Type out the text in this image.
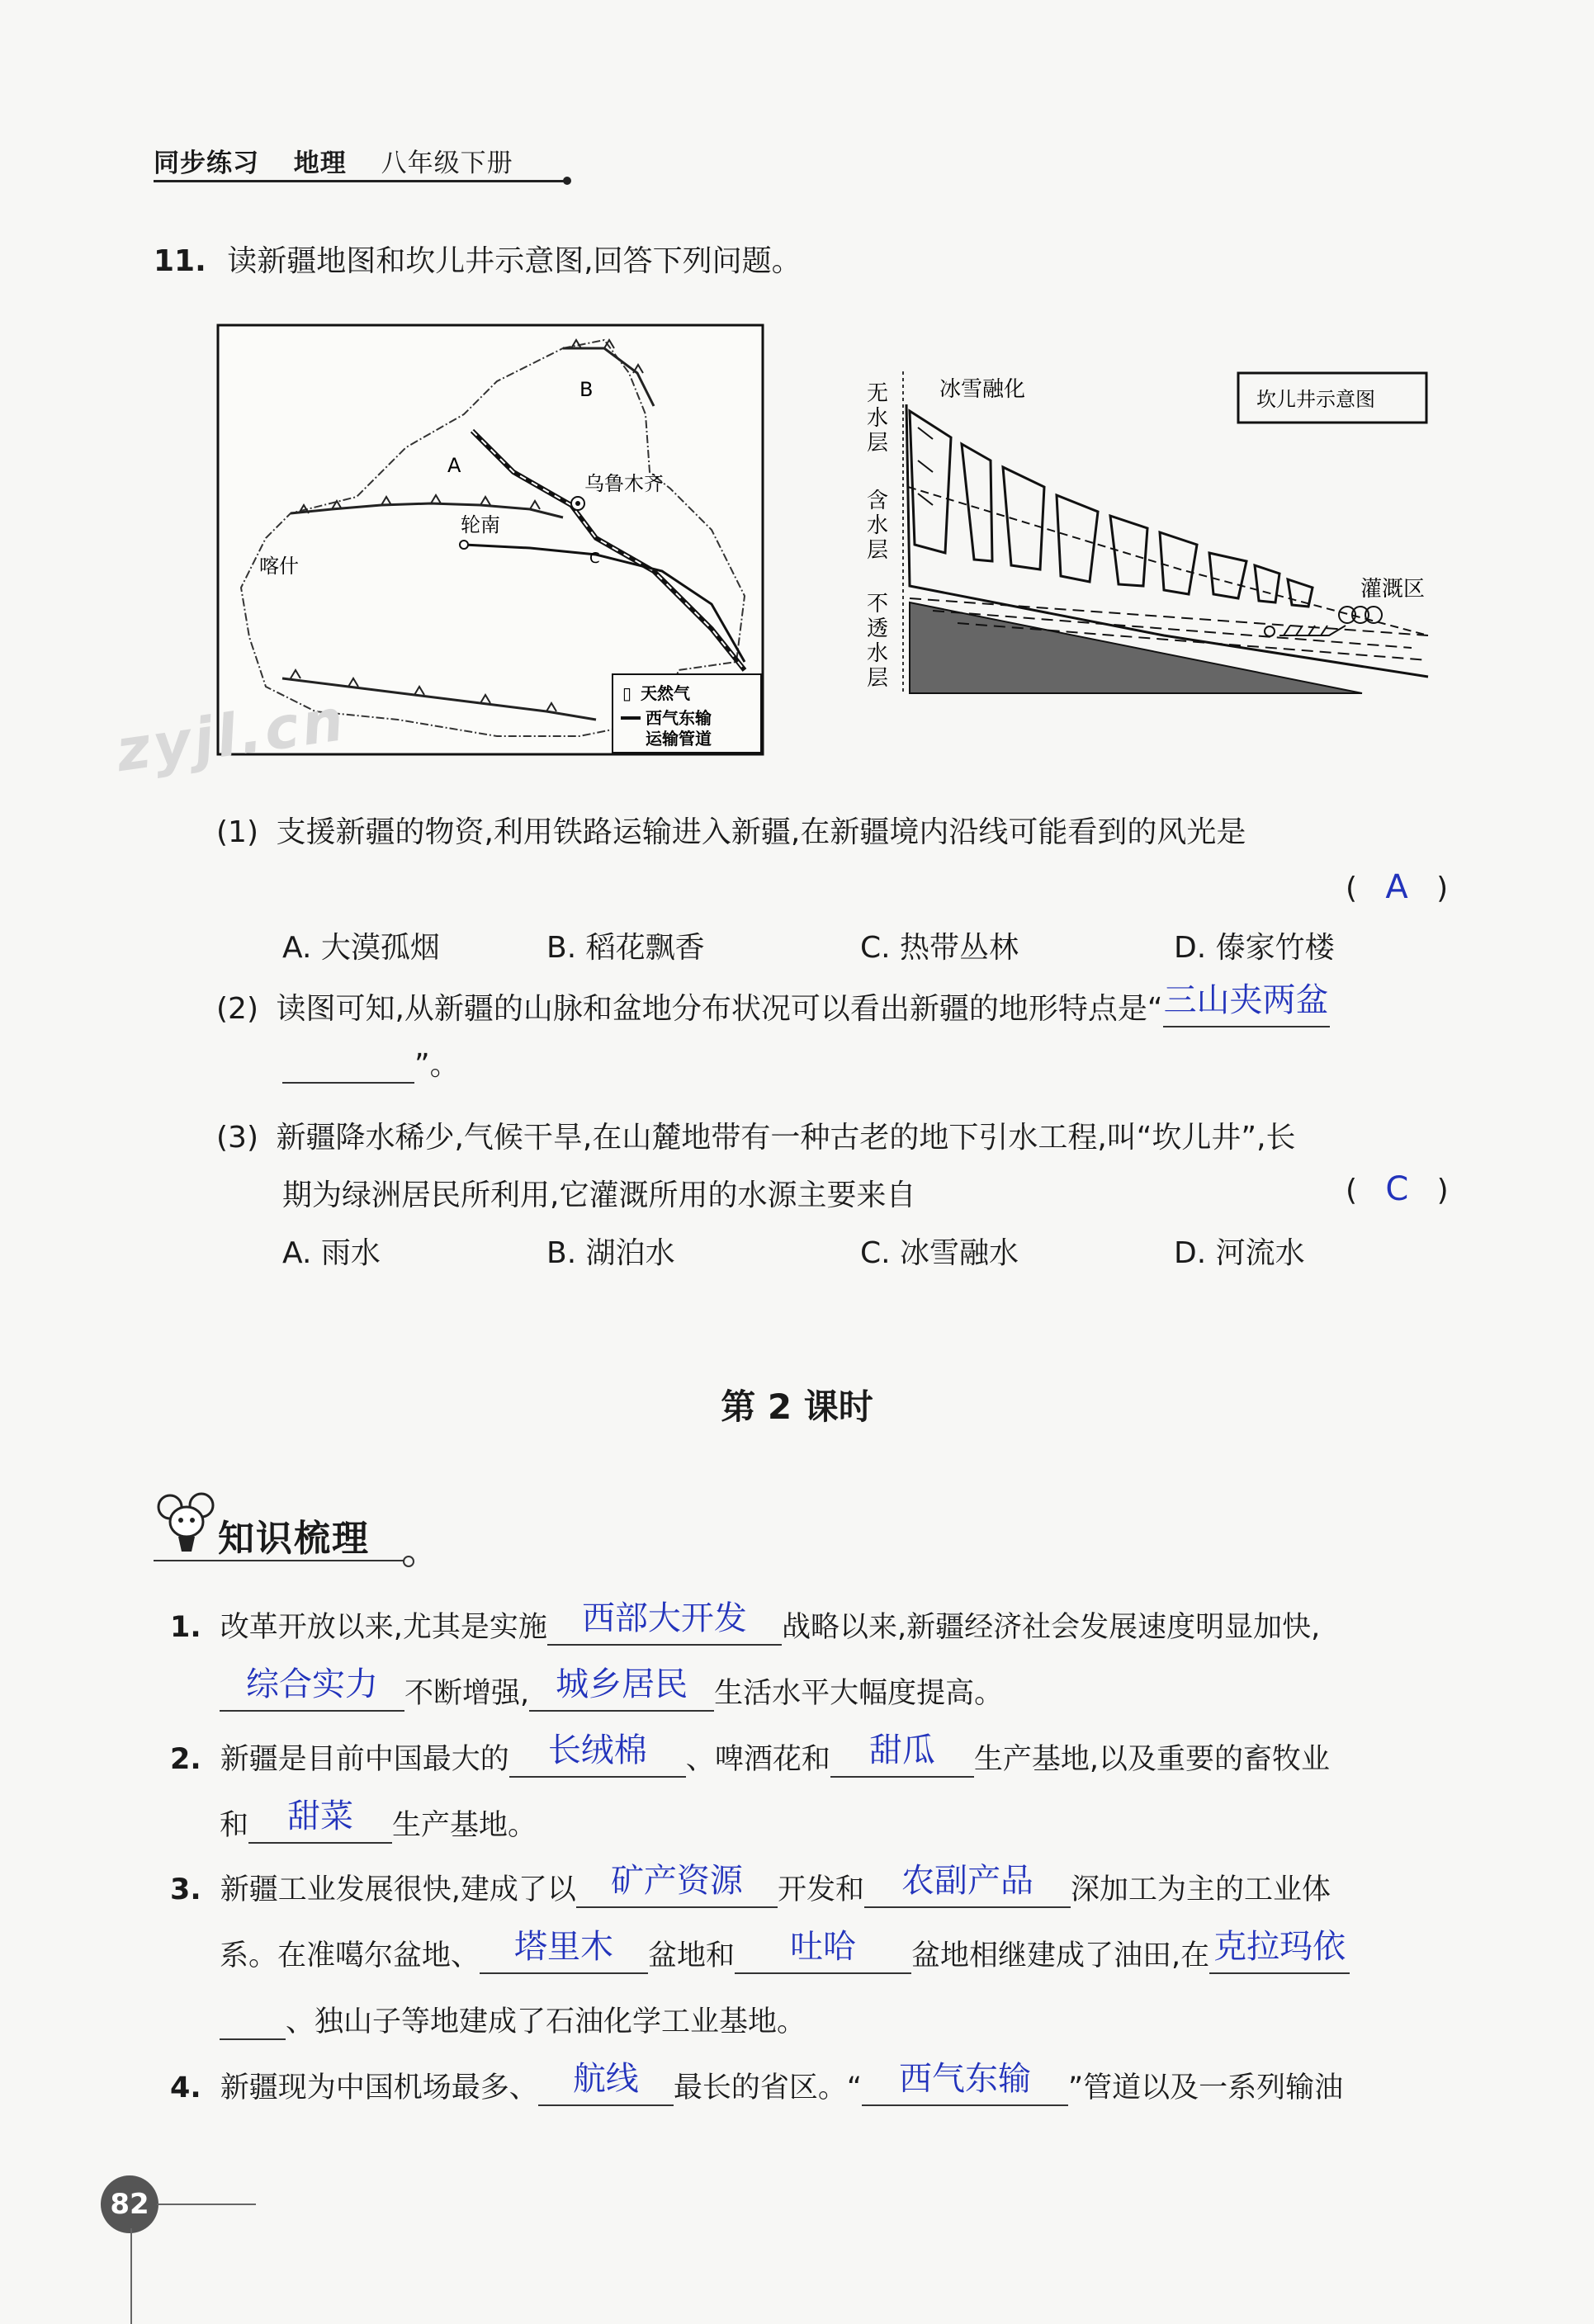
同步练习 地理 八年级下册
11. 读新疆地图和坎儿井示意图,回答下列问题。
B
A
C
乌鲁木齐
轮南
喀什
▯ 天然气
西气东输
运输管道
无 水 层 含 水 层 不 透 水 层
冰雪融化	坎儿井示意图
灌溉区
zyjl.cn
(1) 支援新疆的物资,利用铁路运输进入新疆,在新疆境内沿线可能看到的风光是
(   A   )
A. 大漠孤烟	B. 稻花飘香	C. 热带丛林	D. 傣家竹楼
(2) 读图可知,从新疆的山脉和盆地分布状况可以看出新疆的地形特点是“ 三山夹两盆
”。
(3) 新疆降水稀少,气候干旱,在山麓地带有一种古老的地下引水工程,叫“坎儿井”,长
期为绿洲居民所利用,它灌溉所用的水源主要来自	(   C   )
A. 雨水	B. 湖泊水	C. 冰雪融水	D. 河流水
第 2 课时
知识梳理
1. 改革开放以来,尤其是实施	西部大开发	战略以来,新疆经济社会发展速度明显加快,
综合实力 不断增强, 城乡居民 生活水平大幅度提高。
2. 新疆是目前中国最大的	长绒棉	、啤酒花和	甜瓜	生产基地,以及重要的畜牧业
和	甜菜	生产基地。
3. 新疆工业发展很快,建成了以	矿产资源	开发和	农副产品	深加工为主的工业体
系。在准噶尔盆地、	塔里木	盆地和	吐哈	盆地相继建成了油田,在 克拉玛依
、独山子等地建成了石油化学工业基地。
4. 新疆现为中国机场最多、	航线	最长的省区。“	西气东输	”管道以及一系列输油
82
